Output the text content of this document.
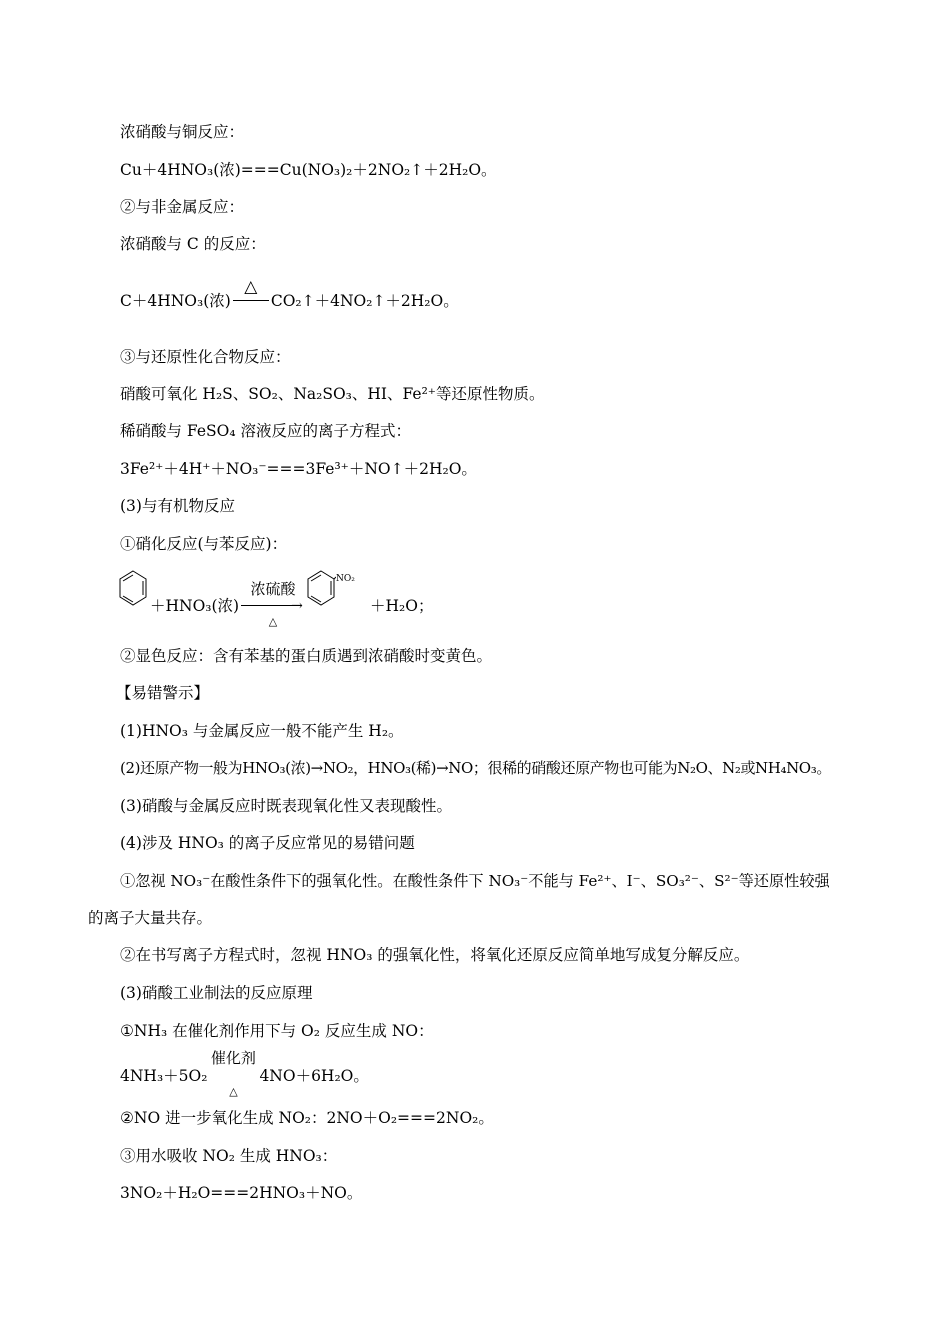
浓硝酸与铜反应：
Cu＋4HNO₃(浓)===Cu(NO₃)₂＋2NO₂↑＋2H₂O。
②与非金属反应：
浓硝酸与 C 的反应：
C＋4HNO₃(浓)
△
CO₂↑＋4NO₂↑＋2H₂O。
③与还原性化合物反应：
硝酸可氧化 H₂S、SO₂、Na₂SO₃、HI、Fe²⁺等还原性物质。
稀硝酸与 FeSO₄ 溶液反应的离子方程式：
3Fe²⁺＋4H⁺＋NO₃⁻===3Fe³⁺＋NO↑＋2H₂O。
(3)与有机物反应
①硝化反应(与苯反应)：
＋HNO₃(浓)
浓硫酸
→
△
NO₂
＋H₂O；
②显色反应：含有苯基的蛋白质遇到浓硝酸时变黄色。
【易错警示】
(1)HNO₃ 与金属反应一般不能产生 H₂。
(2)还原产物一般为HNO₃(浓)→NO₂，HNO₃(稀)→NO；很稀的硝酸还原产物也可能为N₂O、N₂或NH₄NO₃。
(3)硝酸与金属反应时既表现氧化性又表现酸性。
(4)涉及 HNO₃ 的离子反应常见的易错问题
①忽视 NO₃⁻在酸性条件下的强氧化性。在酸性条件下 NO₃⁻不能与 Fe²⁺、I⁻、SO₃²⁻、S²⁻等还原性较强
的离子大量共存。
②在书写离子方程式时，忽视 HNO₃ 的强氧化性，将氧化还原反应简单地写成复分解反应。
(3)硝酸工业制法的反应原理
①NH₃ 在催化剂作用下与 O₂ 反应生成 NO：
4NH₃＋5O₂
催化剂
△
4NO＋6H₂O。
②NO 进一步氧化生成 NO₂：2NO＋O₂===2NO₂。
③用水吸收 NO₂ 生成 HNO₃：
3NO₂＋H₂O===2HNO₃＋NO。
